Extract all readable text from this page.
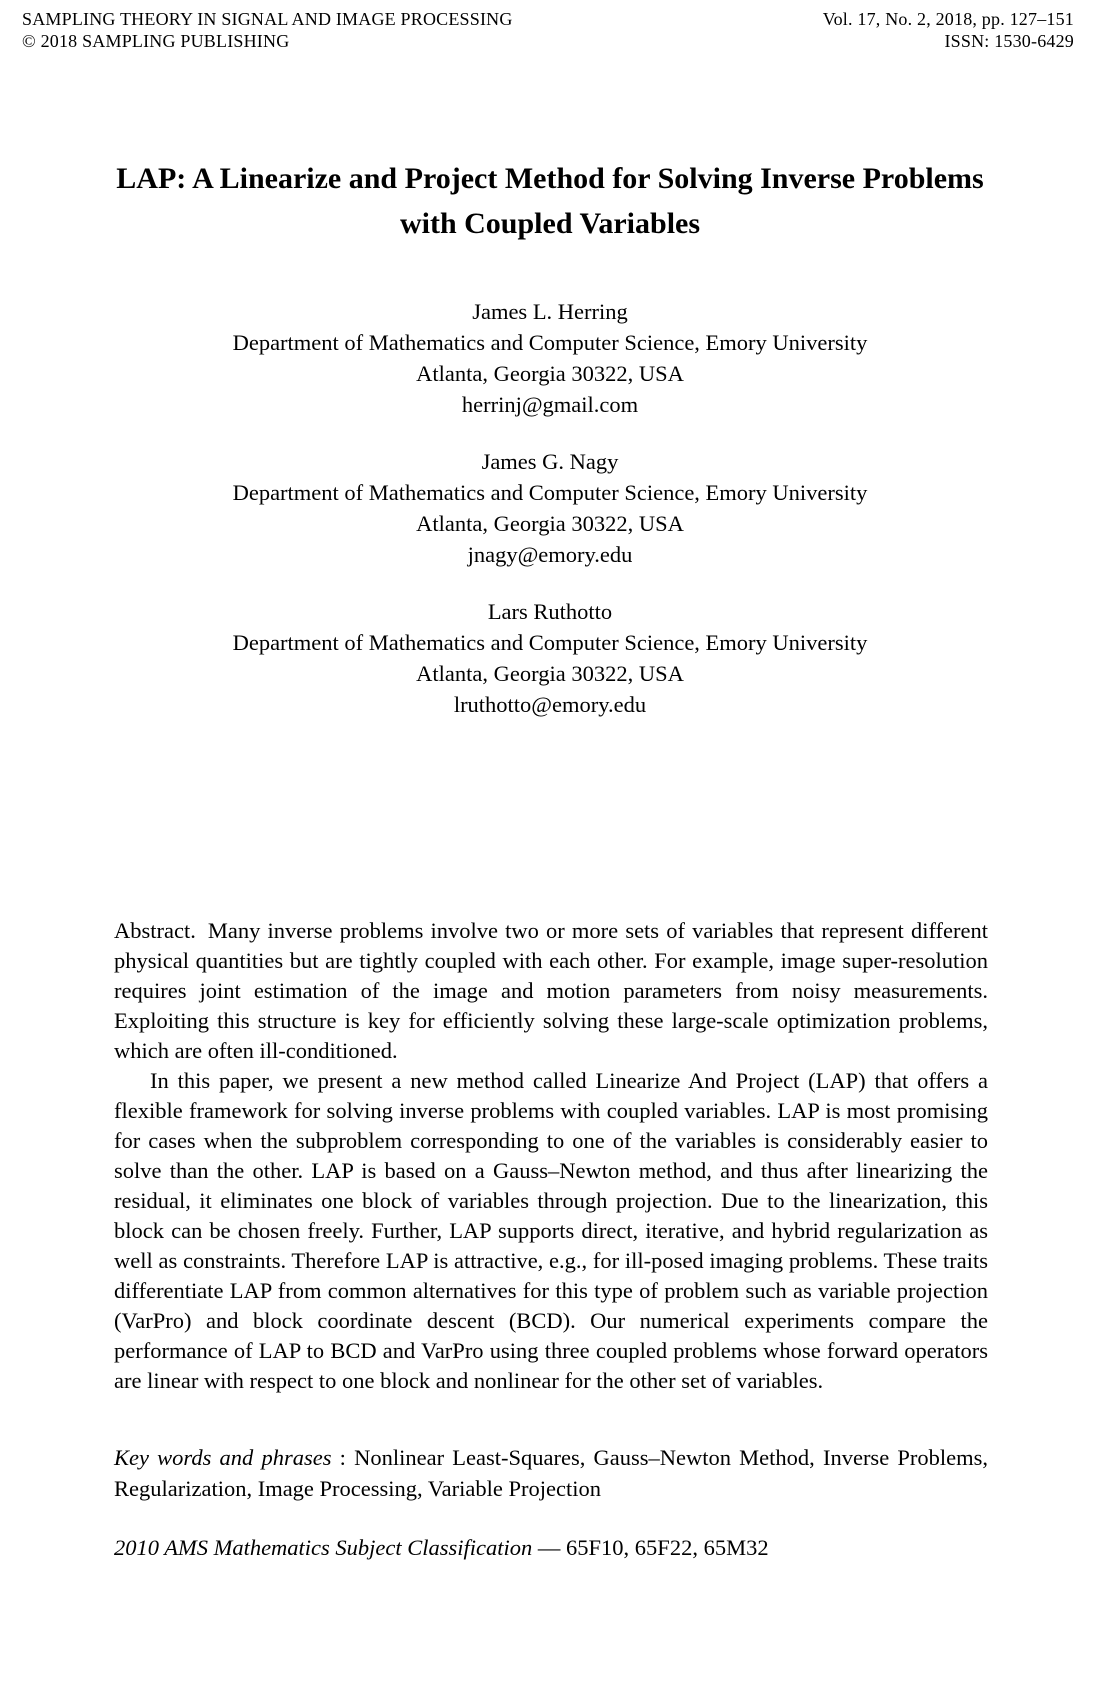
SAMPLING THEORY IN SIGNAL AND IMAGE PROCESSING
© 2018 SAMPLING PUBLISHING
Vol. 17, No. 2, 2018, pp. 127–151
ISSN: 1530-6429
LAP: A Linearize and Project Method for Solving Inverse Problems
with Coupled Variables
James L. Herring
Department of Mathematics and Computer Science, Emory University
Atlanta, Georgia 30322, USA
herrinj@gmail.com
James G. Nagy
Department of Mathematics and Computer Science, Emory University
Atlanta, Georgia 30322, USA
jnagy@emory.edu
Lars Ruthotto
Department of Mathematics and Computer Science, Emory University
Atlanta, Georgia 30322, USA
lruthotto@emory.edu

Abstract. Many inverse problems involve two or more sets of variables that represent different physical quantities but are tightly coupled with each other. For example, image super-resolution requires joint estimation of the image and motion parameters from noisy measurements. Exploiting this structure is key for efficiently solving these large-scale optimization problems, which are often ill-conditioned.

In this paper, we present a new method called Linearize And Project (LAP) that offers a flexible framework for solving inverse problems with coupled variables. LAP is most promising for cases when the subproblem corresponding to one of the variables is considerably easier to solve than the other. LAP is based on a Gauss–Newton method, and thus after linearizing the residual, it eliminates one block of variables through projection. Due to the linearization, this block can be chosen freely. Further, LAP supports direct, iterative, and hybrid regularization as well as constraints. Therefore LAP is attractive, e.g., for ill-posed imaging problems. These traits differentiate LAP from common alternatives for this type of problem such as variable projection (VarPro) and block coordinate descent (BCD). Our numerical experiments compare the performance of LAP to BCD and VarPro using three coupled problems whose forward operators are linear with respect to one block and nonlinear for the other set of variables.

Key words and phrases : Nonlinear Least-Squares, Gauss–Newton Method, Inverse Problems, Regularization, Image Processing, Variable Projection
2010 AMS Mathematics Subject Classification — 65F10, 65F22, 65M32
